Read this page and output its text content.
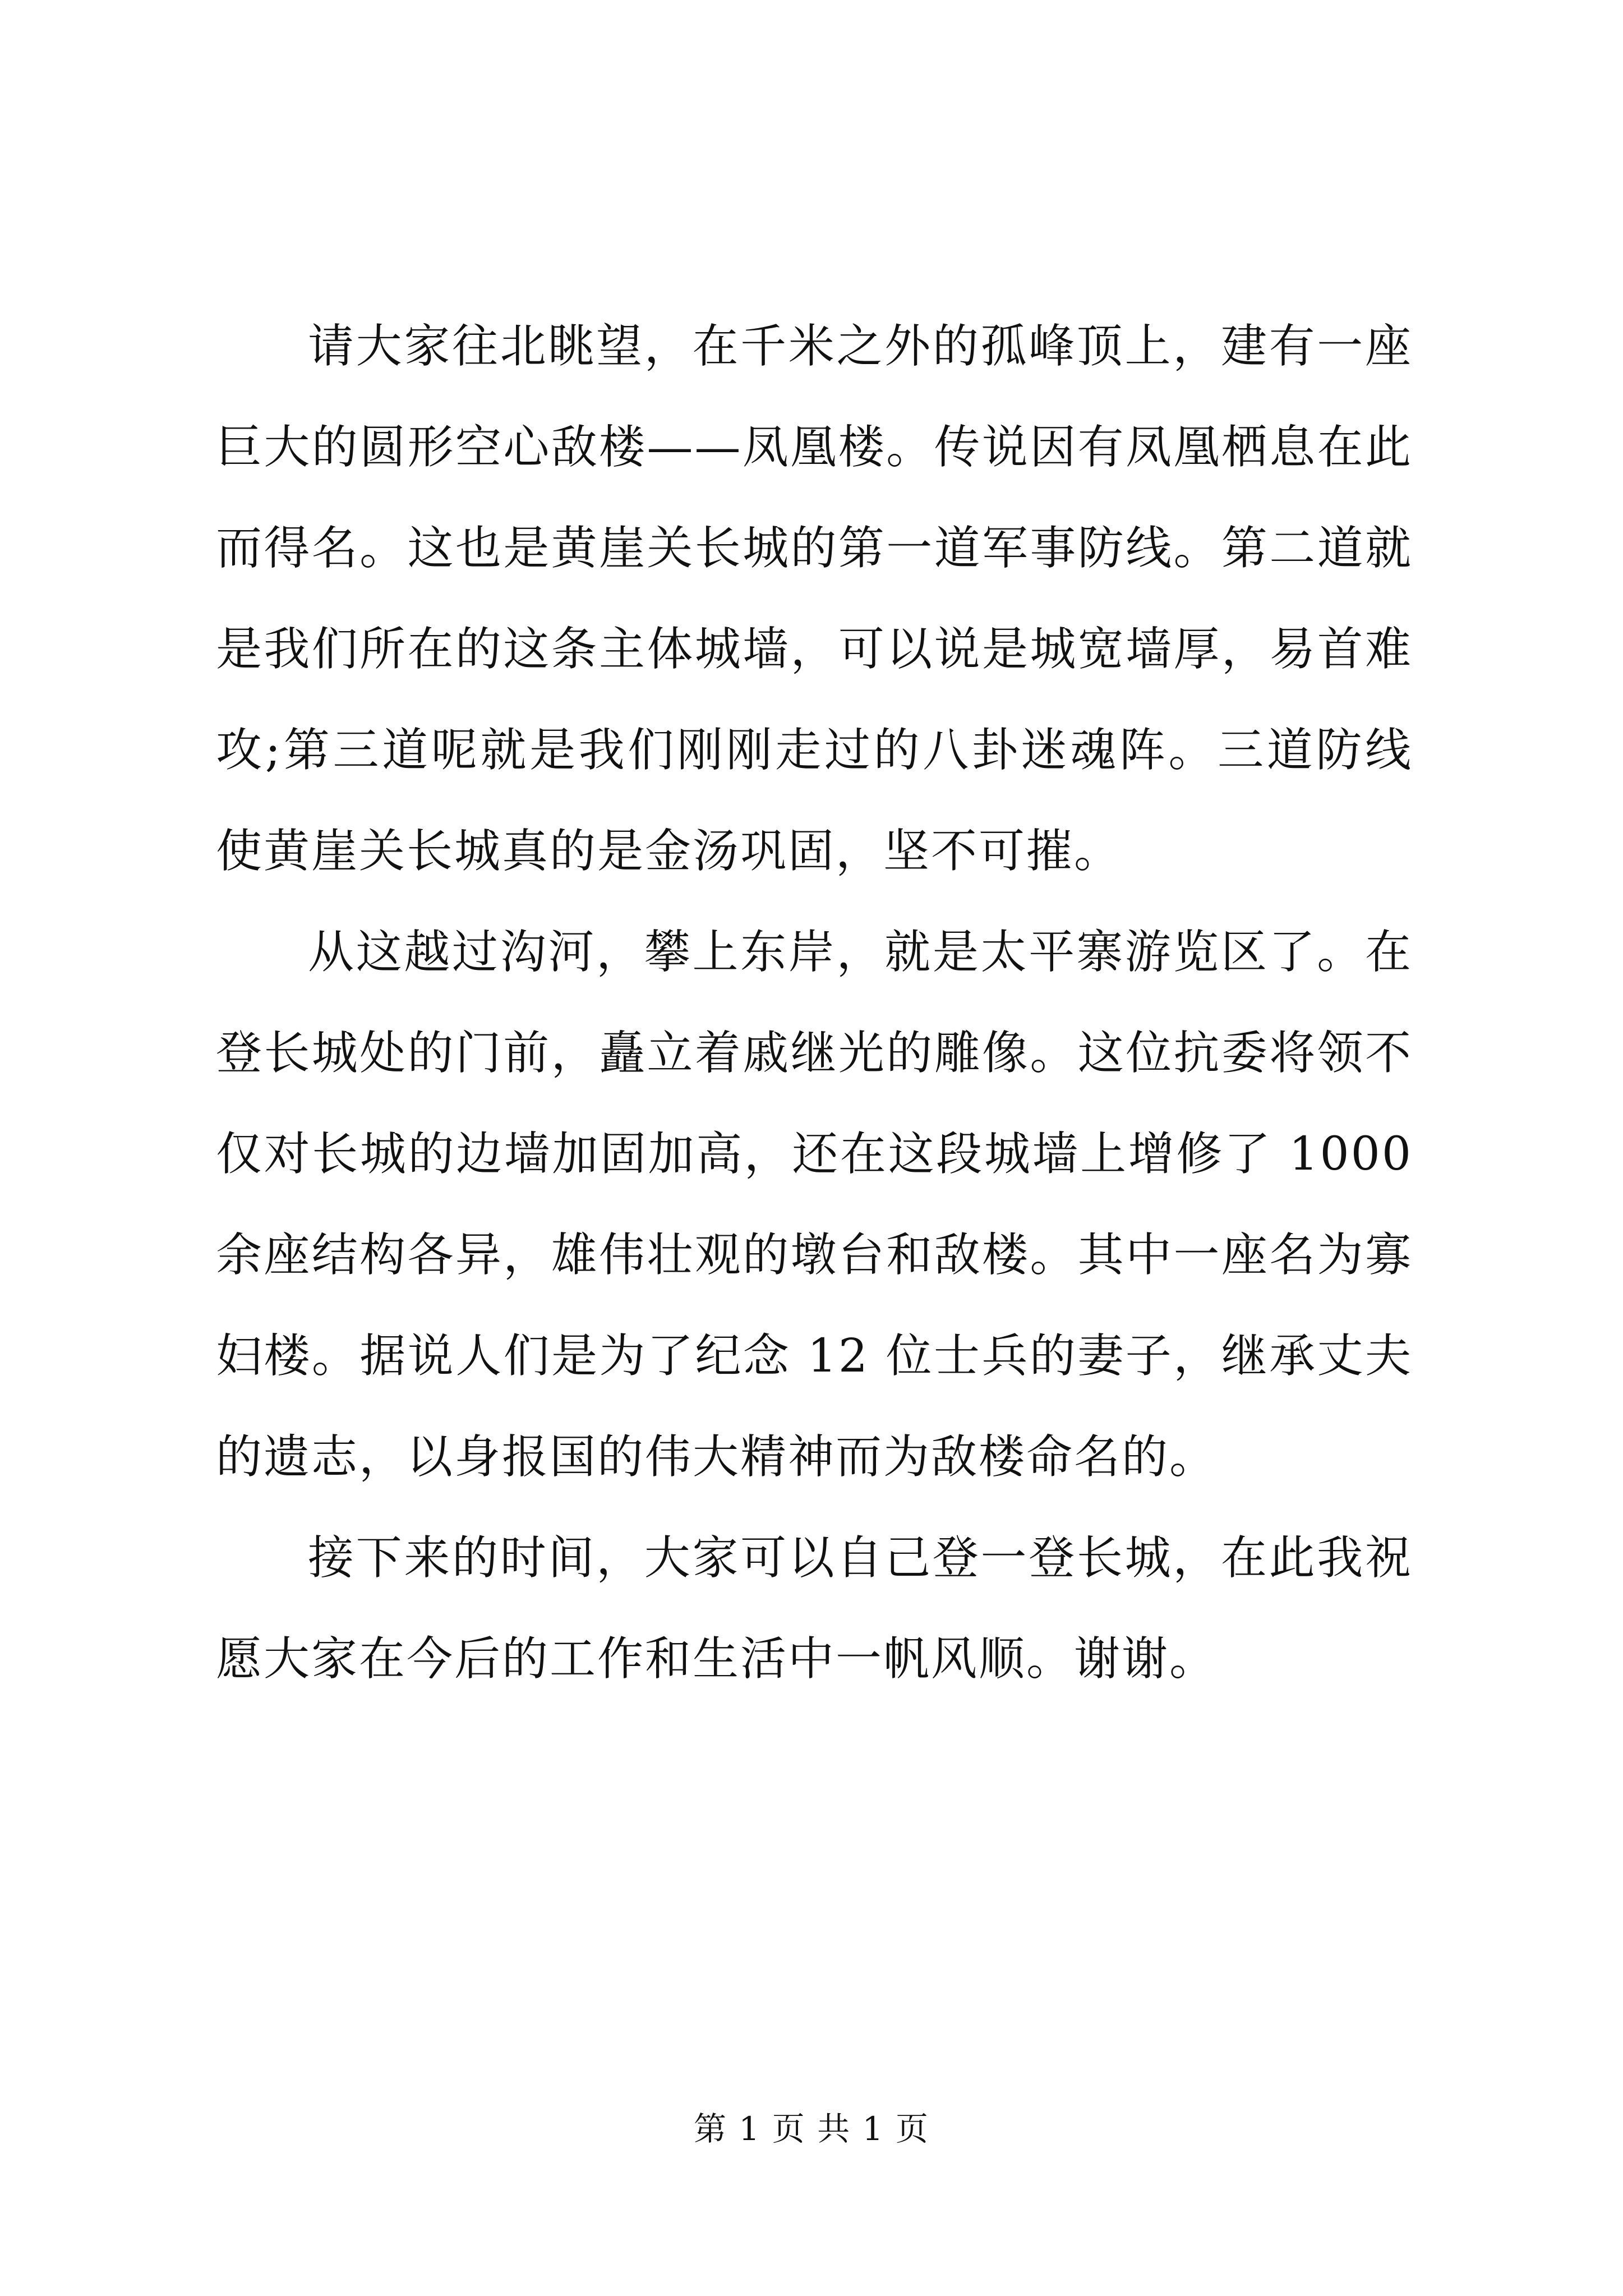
请大家往北眺望，在千米之外的孤峰顶上，建有一座巨大的圆形空心敌楼——凤凰楼。传说因有凤凰栖息在此而得名。这也是黄崖关长城的第一道军事防线。第二道就是我们所在的这条主体城墙，可以说是城宽墙厚，易首难攻;第三道呢就是我们刚刚走过的八卦迷魂阵。三道防线使黄崖关长城真的是金汤巩固，坚不可摧。

从这越过沟河，攀上东岸，就是太平寨游览区了。在登长城处的门前，矗立着戚继光的雕像。这位抗委将领不仅对长城的边墙加固加高，还在这段城墙上增修了 1000 余座结构各异，雄伟壮观的墩台和敌楼。其中一座名为寡妇楼。据说人们是为了纪念 12 位士兵的妻子，继承丈夫的遗志，以身报国的伟大精神而为敌楼命名的。

接下来的时间，大家可以自己登一登长城，在此我祝愿大家在今后的工作和生活中一帆风顺。谢谢。

第 1 页 共 1 页
